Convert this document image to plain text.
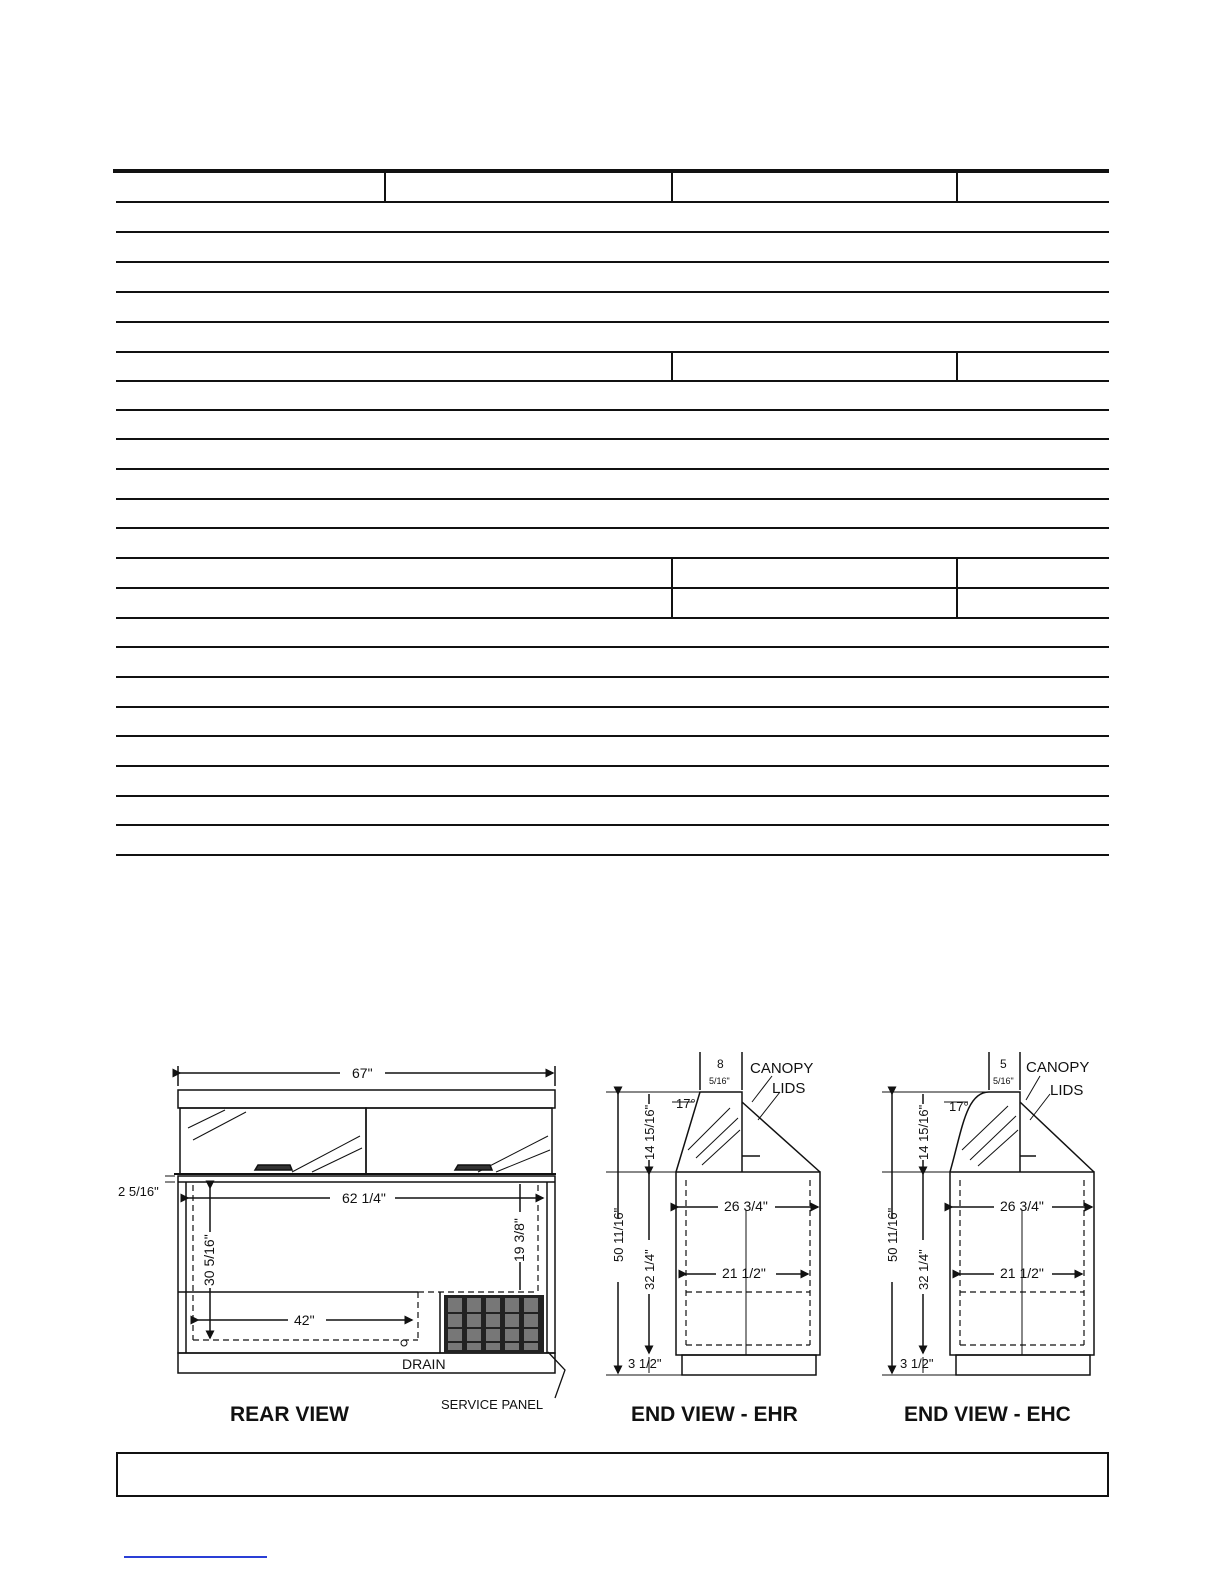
67"
62 1/4"
2 5/16"
30 5/16"	19 3/8"
42"
DRAIN
SERVICE PANEL
REAR VIEW
8
5/16"
CANOPY
LIDS
17°
14 15/16"
50 11/16"
32 1/4"
3 1/2"
26 3/4"
21 1/2"
END VIEW - EHR
5
5/16"
CANOPY
LIDS
17°
14 15/16"
50 11/16"
32 1/4"
3 1/2"
26 3/4"
21 1/2"
END VIEW - EHC
